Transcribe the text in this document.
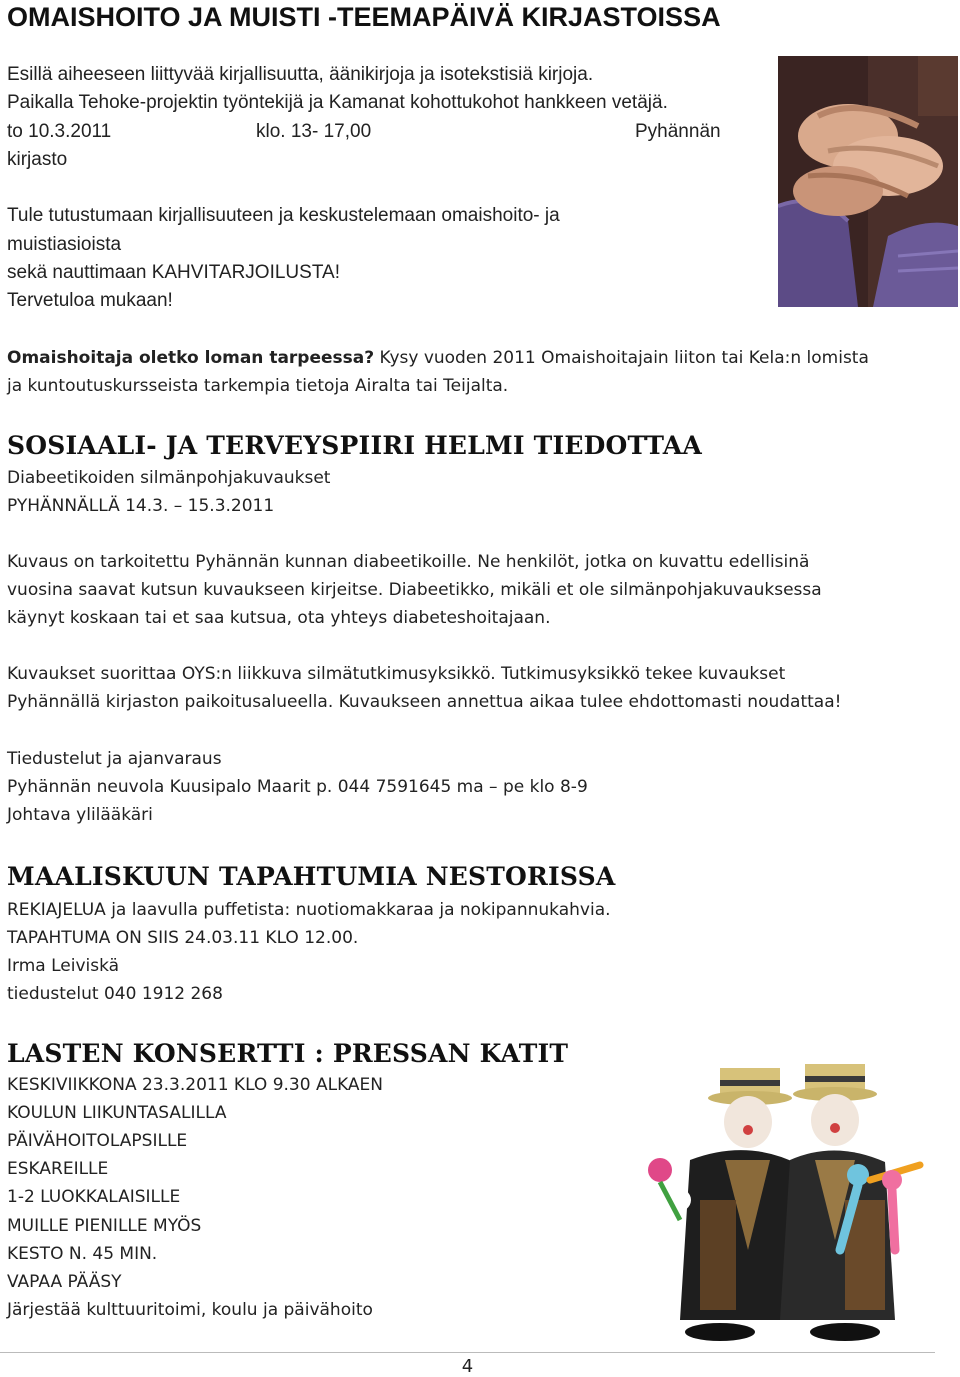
OMAISHOITO JA MUISTI -TEEMAPÄIVÄ KIRJASTOISSA
Esillä aiheeseen liittyvää kirjallisuutta, äänikirjoja ja isotekstisiä kirjoja.
Paikalla Tehoke-projektin työntekijä ja Kamanat kohottukohot hankkeen vetäjä.
to 10.3.2011	klo. 13- 17,00	Pyhännän
kirjasto
Tule tutustumaan kirjallisuuteen ja keskustelemaan omaishoito- ja
muistiasioista
sekä nauttimaan KAHVITARJOILUSTA!
Tervetuloa mukaan!
Omaishoitaja oletko loman tarpeessa? Kysy vuoden 2011 Omaishoitajain liiton tai Kela:n lomista
ja kuntoutuskursseista tarkempia tietoja Airalta tai Teijalta.
SOSIAALI- JA TERVEYSPIIRI HELMI TIEDOTTAA
Diabeetikoiden silmänpohjakuvaukset
PYHÄNNÄLLÄ 14.3. – 15.3.2011
Kuvaus on tarkoitettu Pyhännän kunnan diabeetikoille. Ne henkilöt, jotka on kuvattu edellisinä
vuosina saavat kutsun kuvaukseen kirjeitse. Diabeetikko, mikäli et ole silmänpohjakuvauksessa
käynyt koskaan tai et saa kutsua, ota yhteys diabeteshoitajaan.
Kuvaukset suorittaa OYS:n liikkuva silmätutkimusyksikkö. Tutkimusyksikkö tekee kuvaukset
Pyhännällä kirjaston paikoitusalueella. Kuvaukseen annettua aikaa tulee ehdottomasti noudattaa!
Tiedustelut ja ajanvaraus
Pyhännän neuvola Kuusipalo Maarit p. 044 7591645 ma – pe klo 8-9
Johtava ylilääkäri
MAALISKUUN TAPAHTUMIA NESTORISSA
REKIAJELUA ja laavulla puffetista: nuotiomakkaraa ja nokipannukahvia.
TAPAHTUMA ON SIIS 24.03.11 KLO 12.00.
Irma Leiviskä
tiedustelut 040 1912 268
LASTEN KONSERTTI : PRESSAN KATIT
KESKIVIIKKONA 23.3.2011 KLO 9.30 ALKAEN
KOULUN LIIKUNTASALILLA
PÄIVÄHOITOLAPSILLE
ESKAREILLE
1-2 LUOKKALAISILLE
MUILLE PIENILLE MYÖS
KESTO N. 45 MIN.
VAPAA PÄÄSY
Järjestää kulttuuritoimi, koulu ja päivähoito
4
